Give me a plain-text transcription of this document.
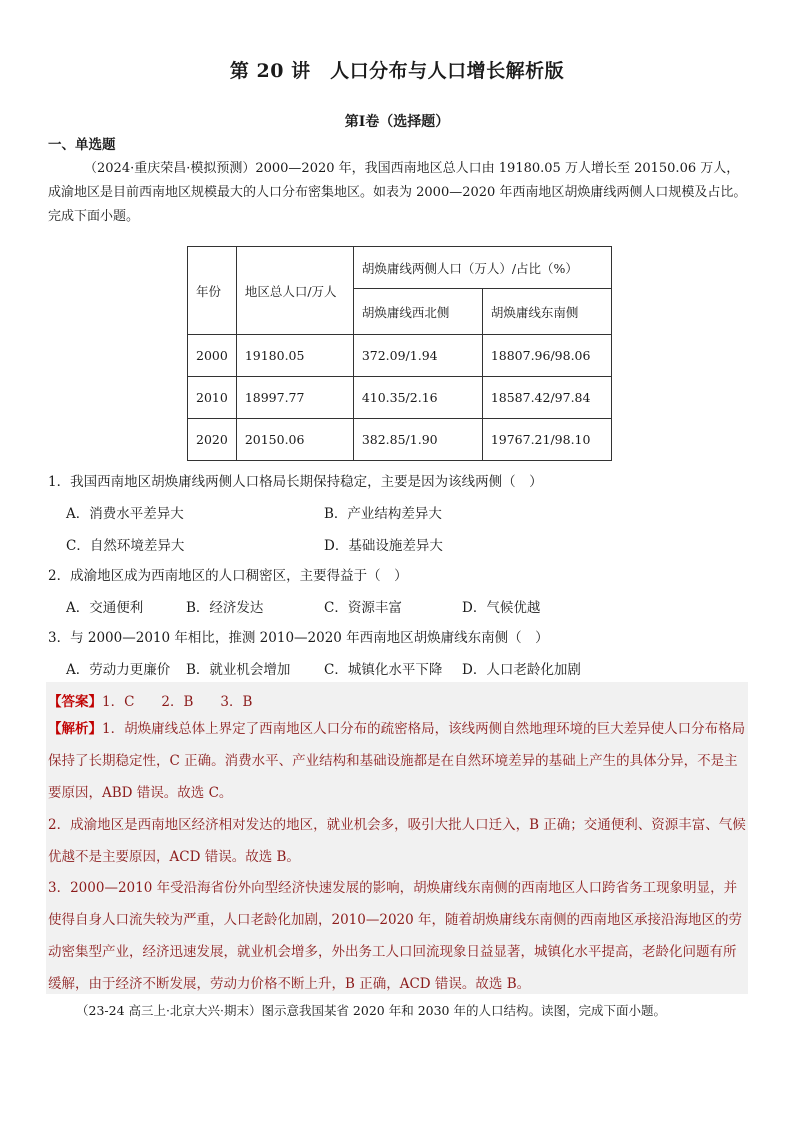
第 20 讲　人口分布与人口增长解析版
第Ⅰ卷（选择题）
一、单选题
（2024·重庆荣昌·模拟预测）2000—2020 年，我国西南地区总人口由 19180.05 万人增长至 20150.06 万人，成渝地区是目前西南地区规模最大的人口分布密集地区。如表为 2000—2020 年西南地区胡焕庸线两侧人口规模及占比。完成下面小题。
年份	地区总人口/万人	胡焕庸线两侧人口（万人）/占比（%）	
		胡焕庸线西北侧	胡焕庸线东南侧
2000	19180.05	372.09/1.94	18807.96/98.06
2010	18997.77	410.35/2.16	18587.42/97.84
2020	20150.06	382.85/1.90	19767.21/98.10
1．我国西南地区胡焕庸线两侧人口格局长期保持稳定，主要是因为该线两侧（　）
A．消费水平差异大	B．产业结构差异大
C．自然环境差异大	D．基础设施差异大
2．成渝地区成为西南地区的人口稠密区，主要得益于（　）
A．交通便利	B．经济发达	C．资源丰富	D．气候优越
3．与 2000—2010 年相比，推测 2010—2020 年西南地区胡焕庸线东南侧（　）
A．劳动力更廉价 B．就业机会增加 C．城镇化水平下降 D．人口老龄化加剧
【答案】1．C　　2．B　　3．B
【解析】1．胡焕庸线总体上界定了西南地区人口分布的疏密格局，该线两侧自然地理环境的巨大差异使人口分布格局保持了长期稳定性，C 正确。消费水平、产业结构和基础设施都是在自然环境差异的基础上产生的具体分异，不是主要原因，ABD 错误。故选 C。
2．成渝地区是西南地区经济相对发达的地区，就业机会多，吸引大批人口迁入，B 正确；交通便利、资源丰富、气候优越不是主要原因，ACD 错误。故选 B。
3．2000—2010 年受沿海省份外向型经济快速发展的影响，胡焕庸线东南侧的西南地区人口跨省务工现象明显，并使得自身人口流失较为严重，人口老龄化加剧，2010—2020 年，随着胡焕庸线东南侧的西南地区承接沿海地区的劳动密集型产业，经济迅速发展，就业机会增多，外出务工人口回流现象日益显著，城镇化水平提高，老龄化问题有所缓解，由于经济不断发展，劳动力价格不断上升，B 正确，ACD 错误。故选 B。
（23-24 高三上·北京大兴·期末）图示意我国某省 2020 年和 2030 年的人口结构。读图，完成下面小题。
